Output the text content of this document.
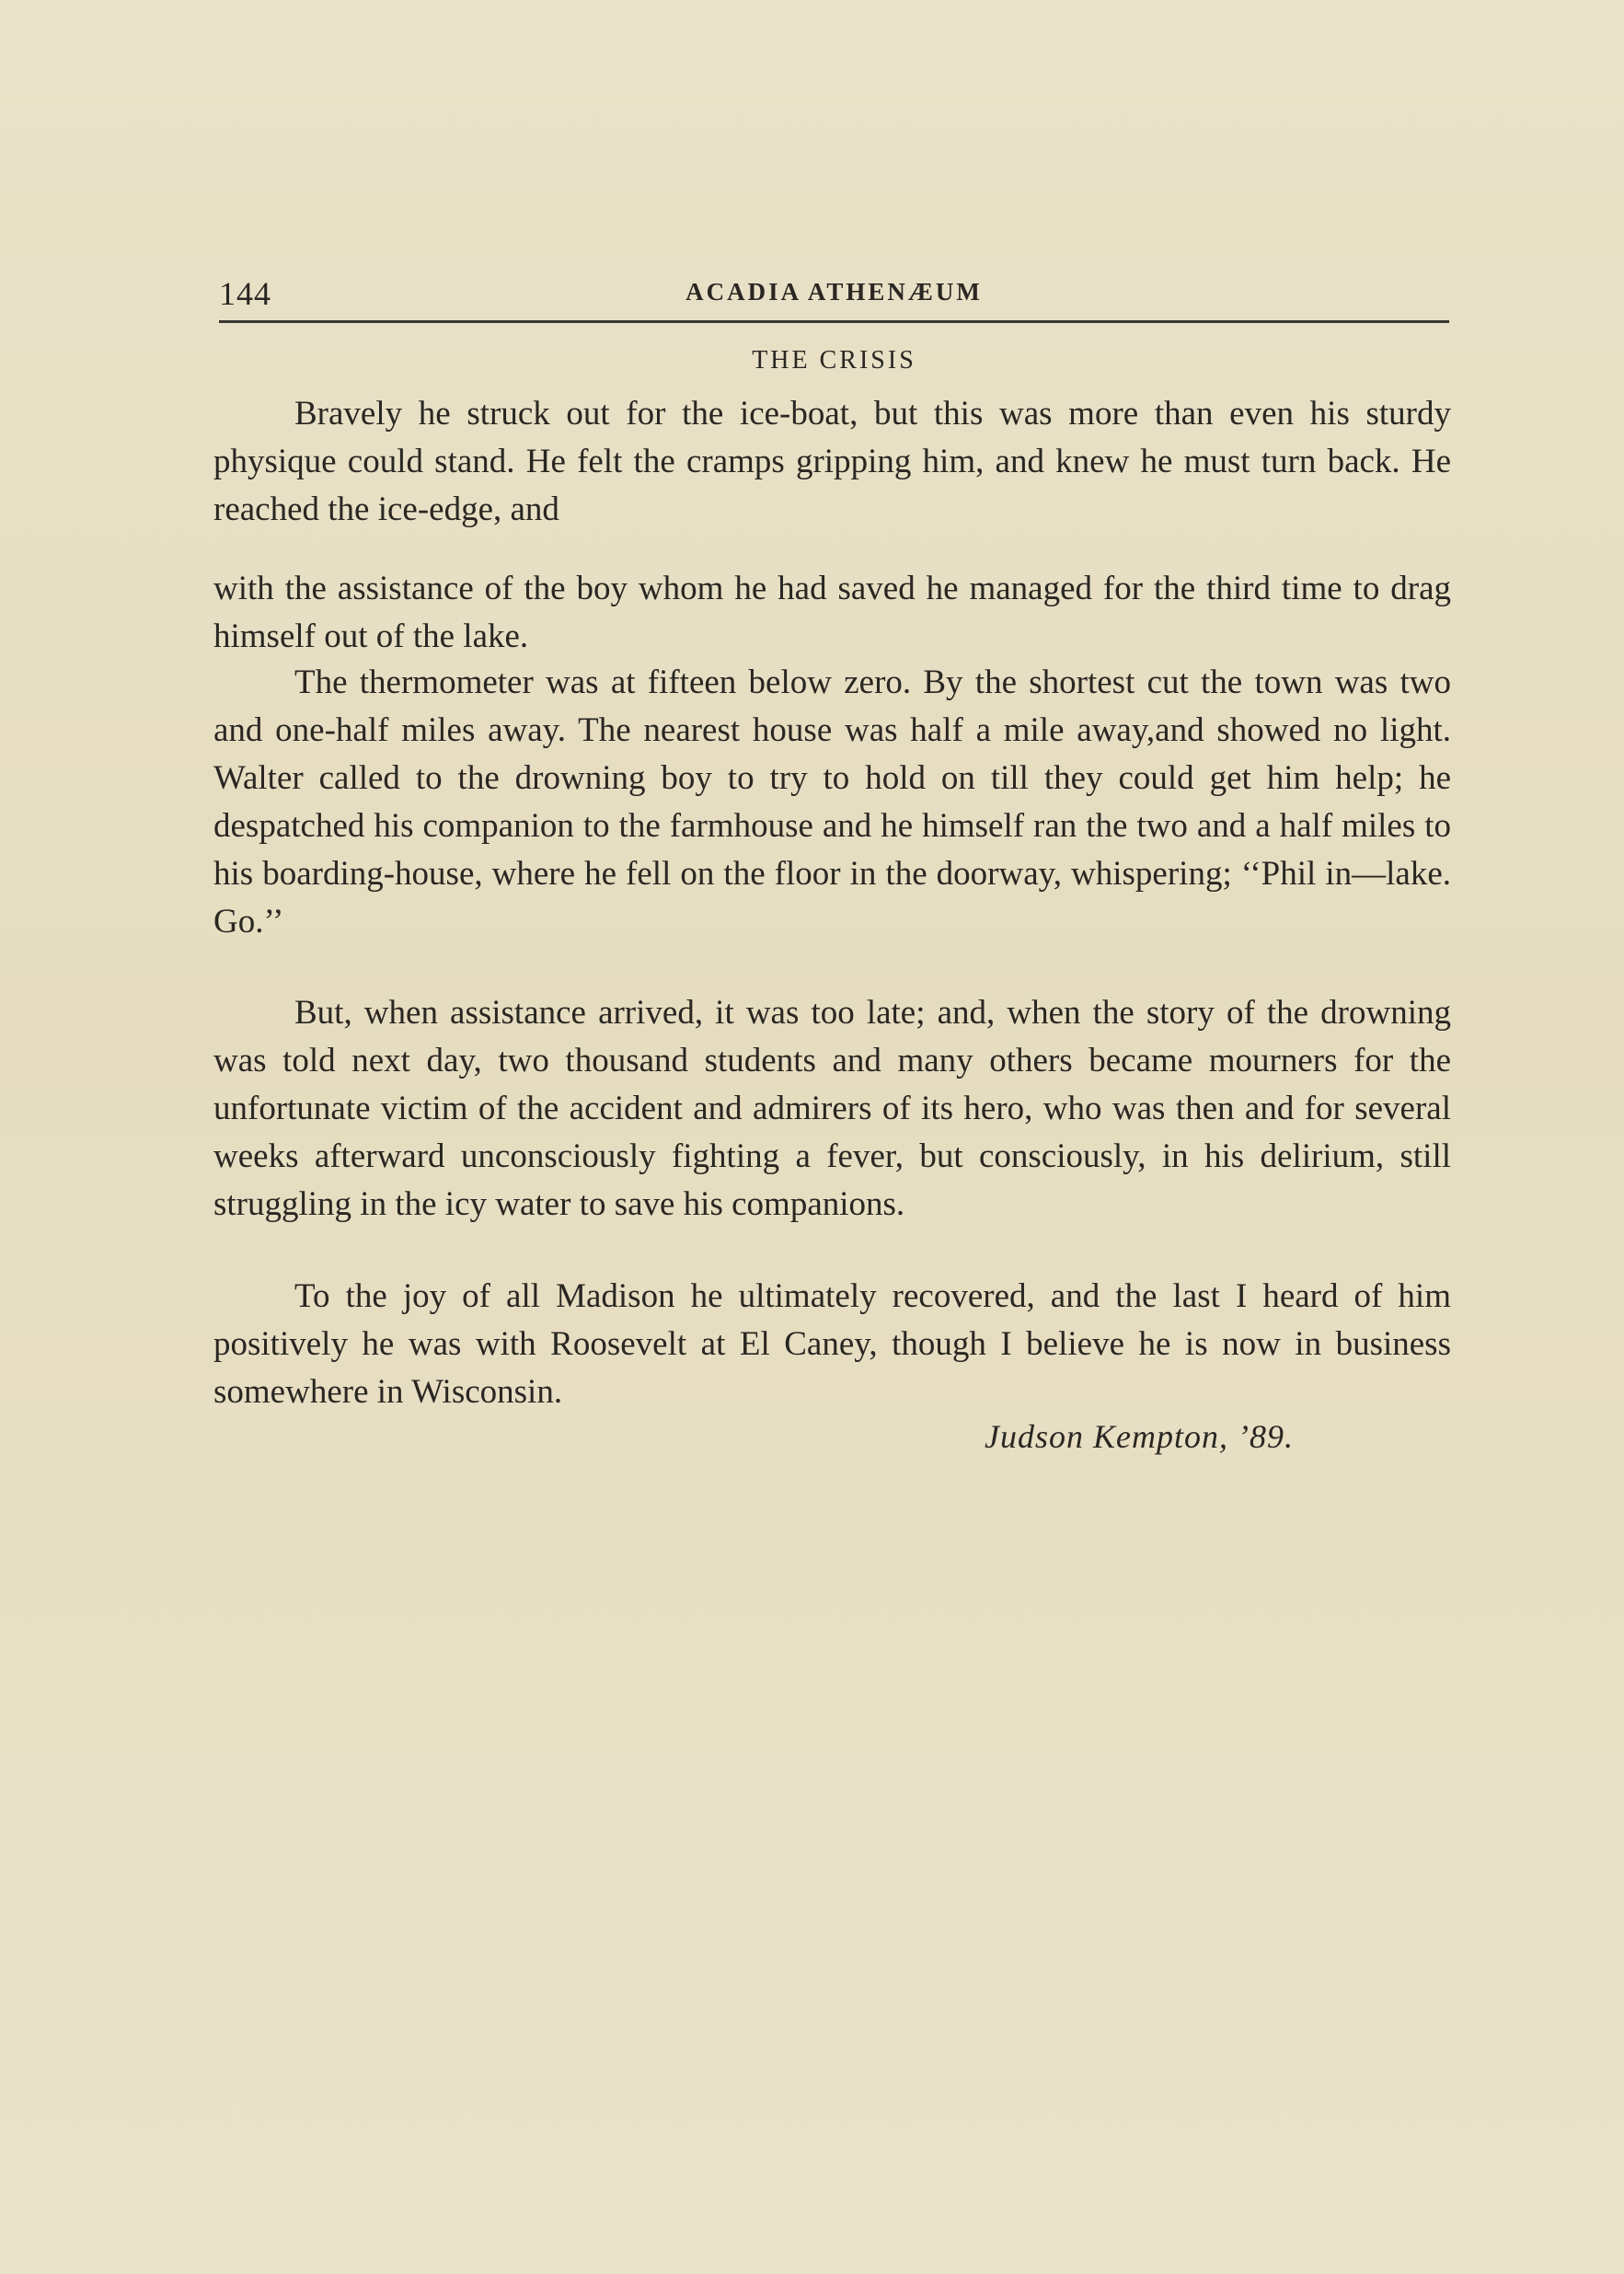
144	ACADIA ATHENÆUM
THE CRISIS

Bravely he struck out for the ice-boat, but this was more than even his sturdy physique could stand. He felt the cramps gripping him, and knew he must turn back. He reached the ice-edge, and

with the assistance of the boy whom he had saved he managed for the third time to drag himself out of the lake.

The thermometer was at fifteen below zero. By the shortest cut the town was two and one-half miles away. The nearest house was half a mile away,and showed no light. Walter called to the drowning boy to try to hold on till they could get him help; he despatched his companion to the farmhouse and he himself ran the two and a half miles to his boarding-house, where he fell on the floor in the doorway, whispering; ‘‘Phil in—lake. Go.’’

But, when assistance arrived, it was too late; and, when the story of the drowning was told next day, two thousand students and many others became mourners for the unfortunate victim of the accident and admirers of its hero, who was then and for several weeks afterward unconsciously fighting a fever, but consciously, in his delirium, still struggling in the icy water to save his companions.

To the joy of all Madison he ultimately recovered, and the last I heard of him positively he was with Roosevelt at El Caney, though I believe he is now in business somewhere in Wisconsin.

Judson Kempton, ’89.
